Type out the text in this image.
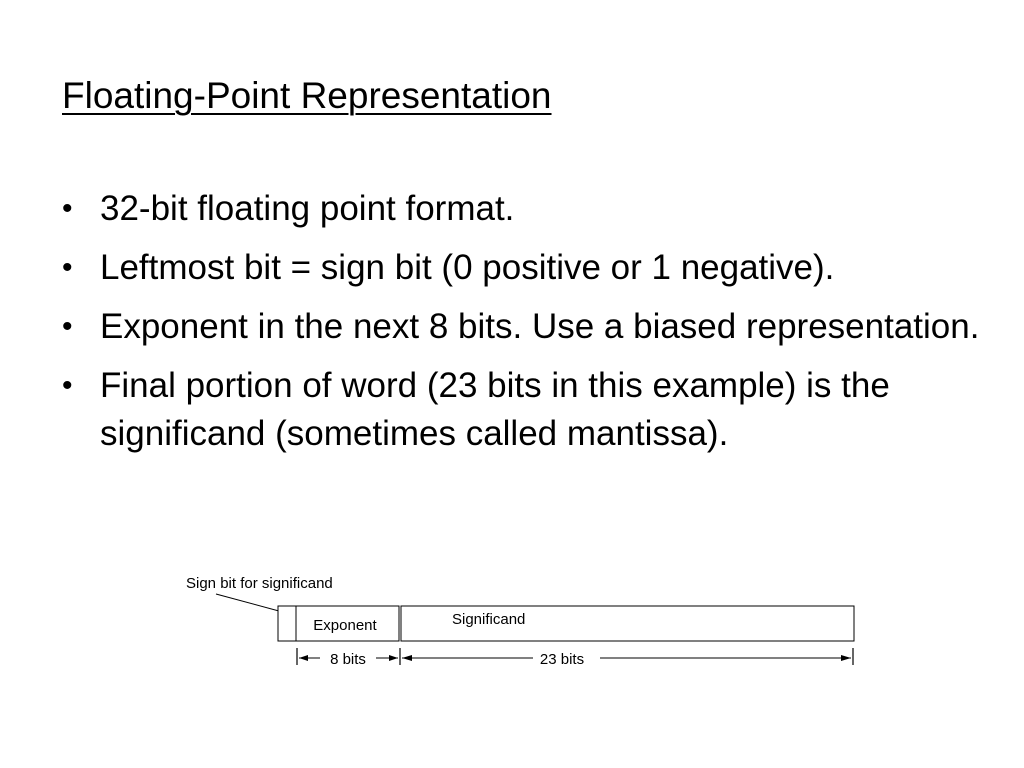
Floating-Point Representation
• 32-bit floating point format.
• Leftmost bit = sign bit (0 positive or 1 negative).
• Exponent in the next 8 bits. Use a biased representation.
• Final portion of word (23 bits in this example) is the significand (sometimes called mantissa).
Sign bit for significand
Exponent	Significand
8 bits	23 bits
